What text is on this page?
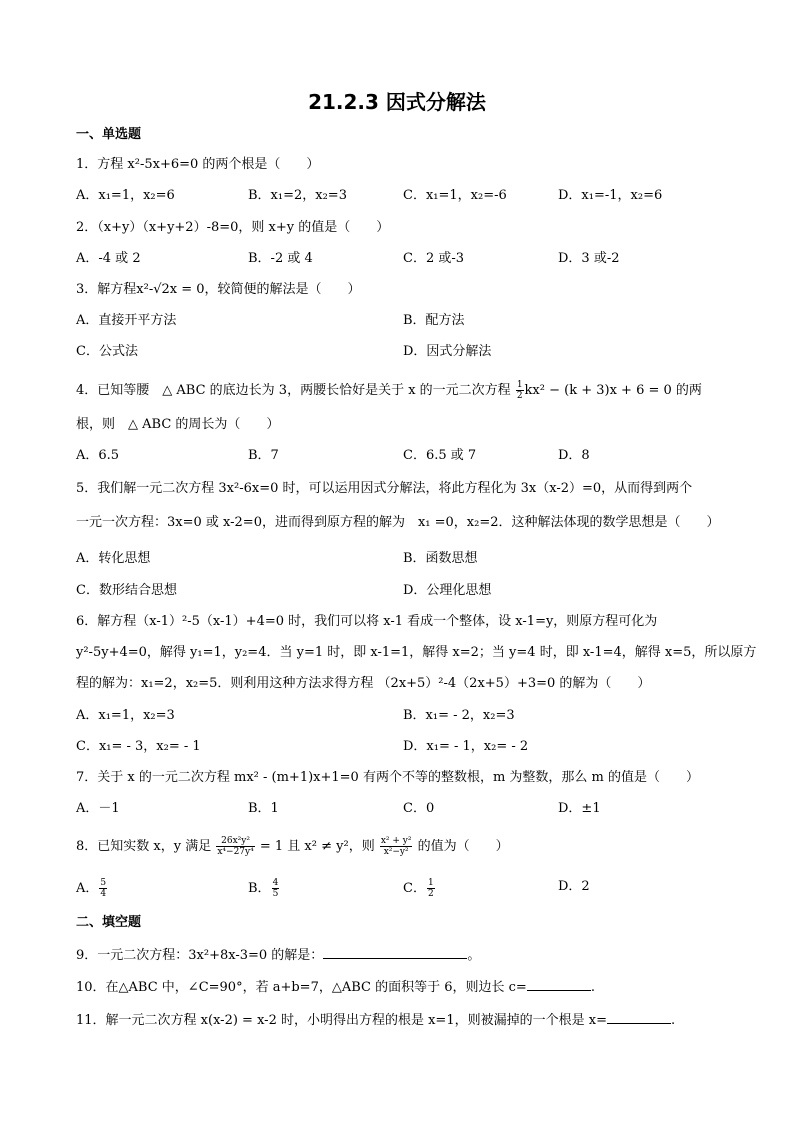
21.2.3 因式分解法
一、单选题
1．方程 x²-5x+6=0 的两个根是（　　）
A．x₁=1，x₂=6	B．x₁=2，x₂=3	C．x₁=1，x₂=-6	D．x₁=-1，x₂=6
2．（x+y）（x+y+2）-8=0，则 x+y 的值是（　　）
A．-4 或 2	B．-2 或 4	C．2 或-3	D．3 或-2
3．解方程x²-√2x = 0，较简便的解法是（　　）
A．直接开平方法	B．配方法
C．公式法	D．因式分解法
4．已知等腰　△ ABC 的底边长为 3，两腰长恰好是关于 x 的一元二次方程 $\frac{1}{2} kx^2 - (k + 3)x + 6 = 0$ 的两
根，则　△ ABC 的周长为（　　）
A．6.5	B．7	C．6.5 或 7	D．8
5．我们解一元二次方程 3x²-6x=0 时，可以运用因式分解法，将此方程化为 3x（x-2）=0，从而得到两个
一元一次方程：3x=0 或 x-2=0，进而得到原方程的解为　x₁ =0，x₂=2．这种解法体现的数学思想是（　　）
A．转化思想	B．函数思想
C．数形结合思想	D．公理化思想
6．解方程（x-1）²-5（x-1）+4=0 时，我们可以将 x-1 看成一个整体，设 x-1=y，则原方程可化为
y²-5y+4=0，解得 y₁=1，y₂=4．当 y=1 时，即 x-1=1，解得 x=2；当 y=4 时，即 x-1=4，解得 x=5，所以原方
程的解为：x₁=2，x₂=5．则利用这种方法求得方程 （2x+5）²-4（2x+5）+3=0 的解为（　　）
A．x₁=1，x₂=3	B．x₁= - 2，x₂=3
C．x₁= - 3，x₂= - 1	D．x₁= - 1，x₂= - 2
7．关于 x 的一元二次方程 mx² - (m+1)x+1=0 有两个不等的整数根，m 为整数，那么 m 的值是（　　）
A．－1	B．1	C．0	D．±1
8．已知实数 x，y 满足 $\frac{\text{26x²y²}}{\text{x⁴−27y⁴}} = 1$ 且 x² ≠ y²，则 $\frac{\text{x² + y²}}{\text{x²−y²}}$ 的值为（　　）
A． $\frac{5}{4}$	B． $\frac{4}{5}$	C． $\frac{1}{2}$	D．2
二、填空题
9．一元二次方程：3x²+8x-3=0 的解是：	。
10．在△ABC 中，∠C=90°，若 a+b=7，△ABC 的面积等于 6，则边长 c=	.
11．解一元二次方程 x(x-2) = x-2 时，小明得出方程的根是 x=1，则被漏掉的一个根是 x=	.
